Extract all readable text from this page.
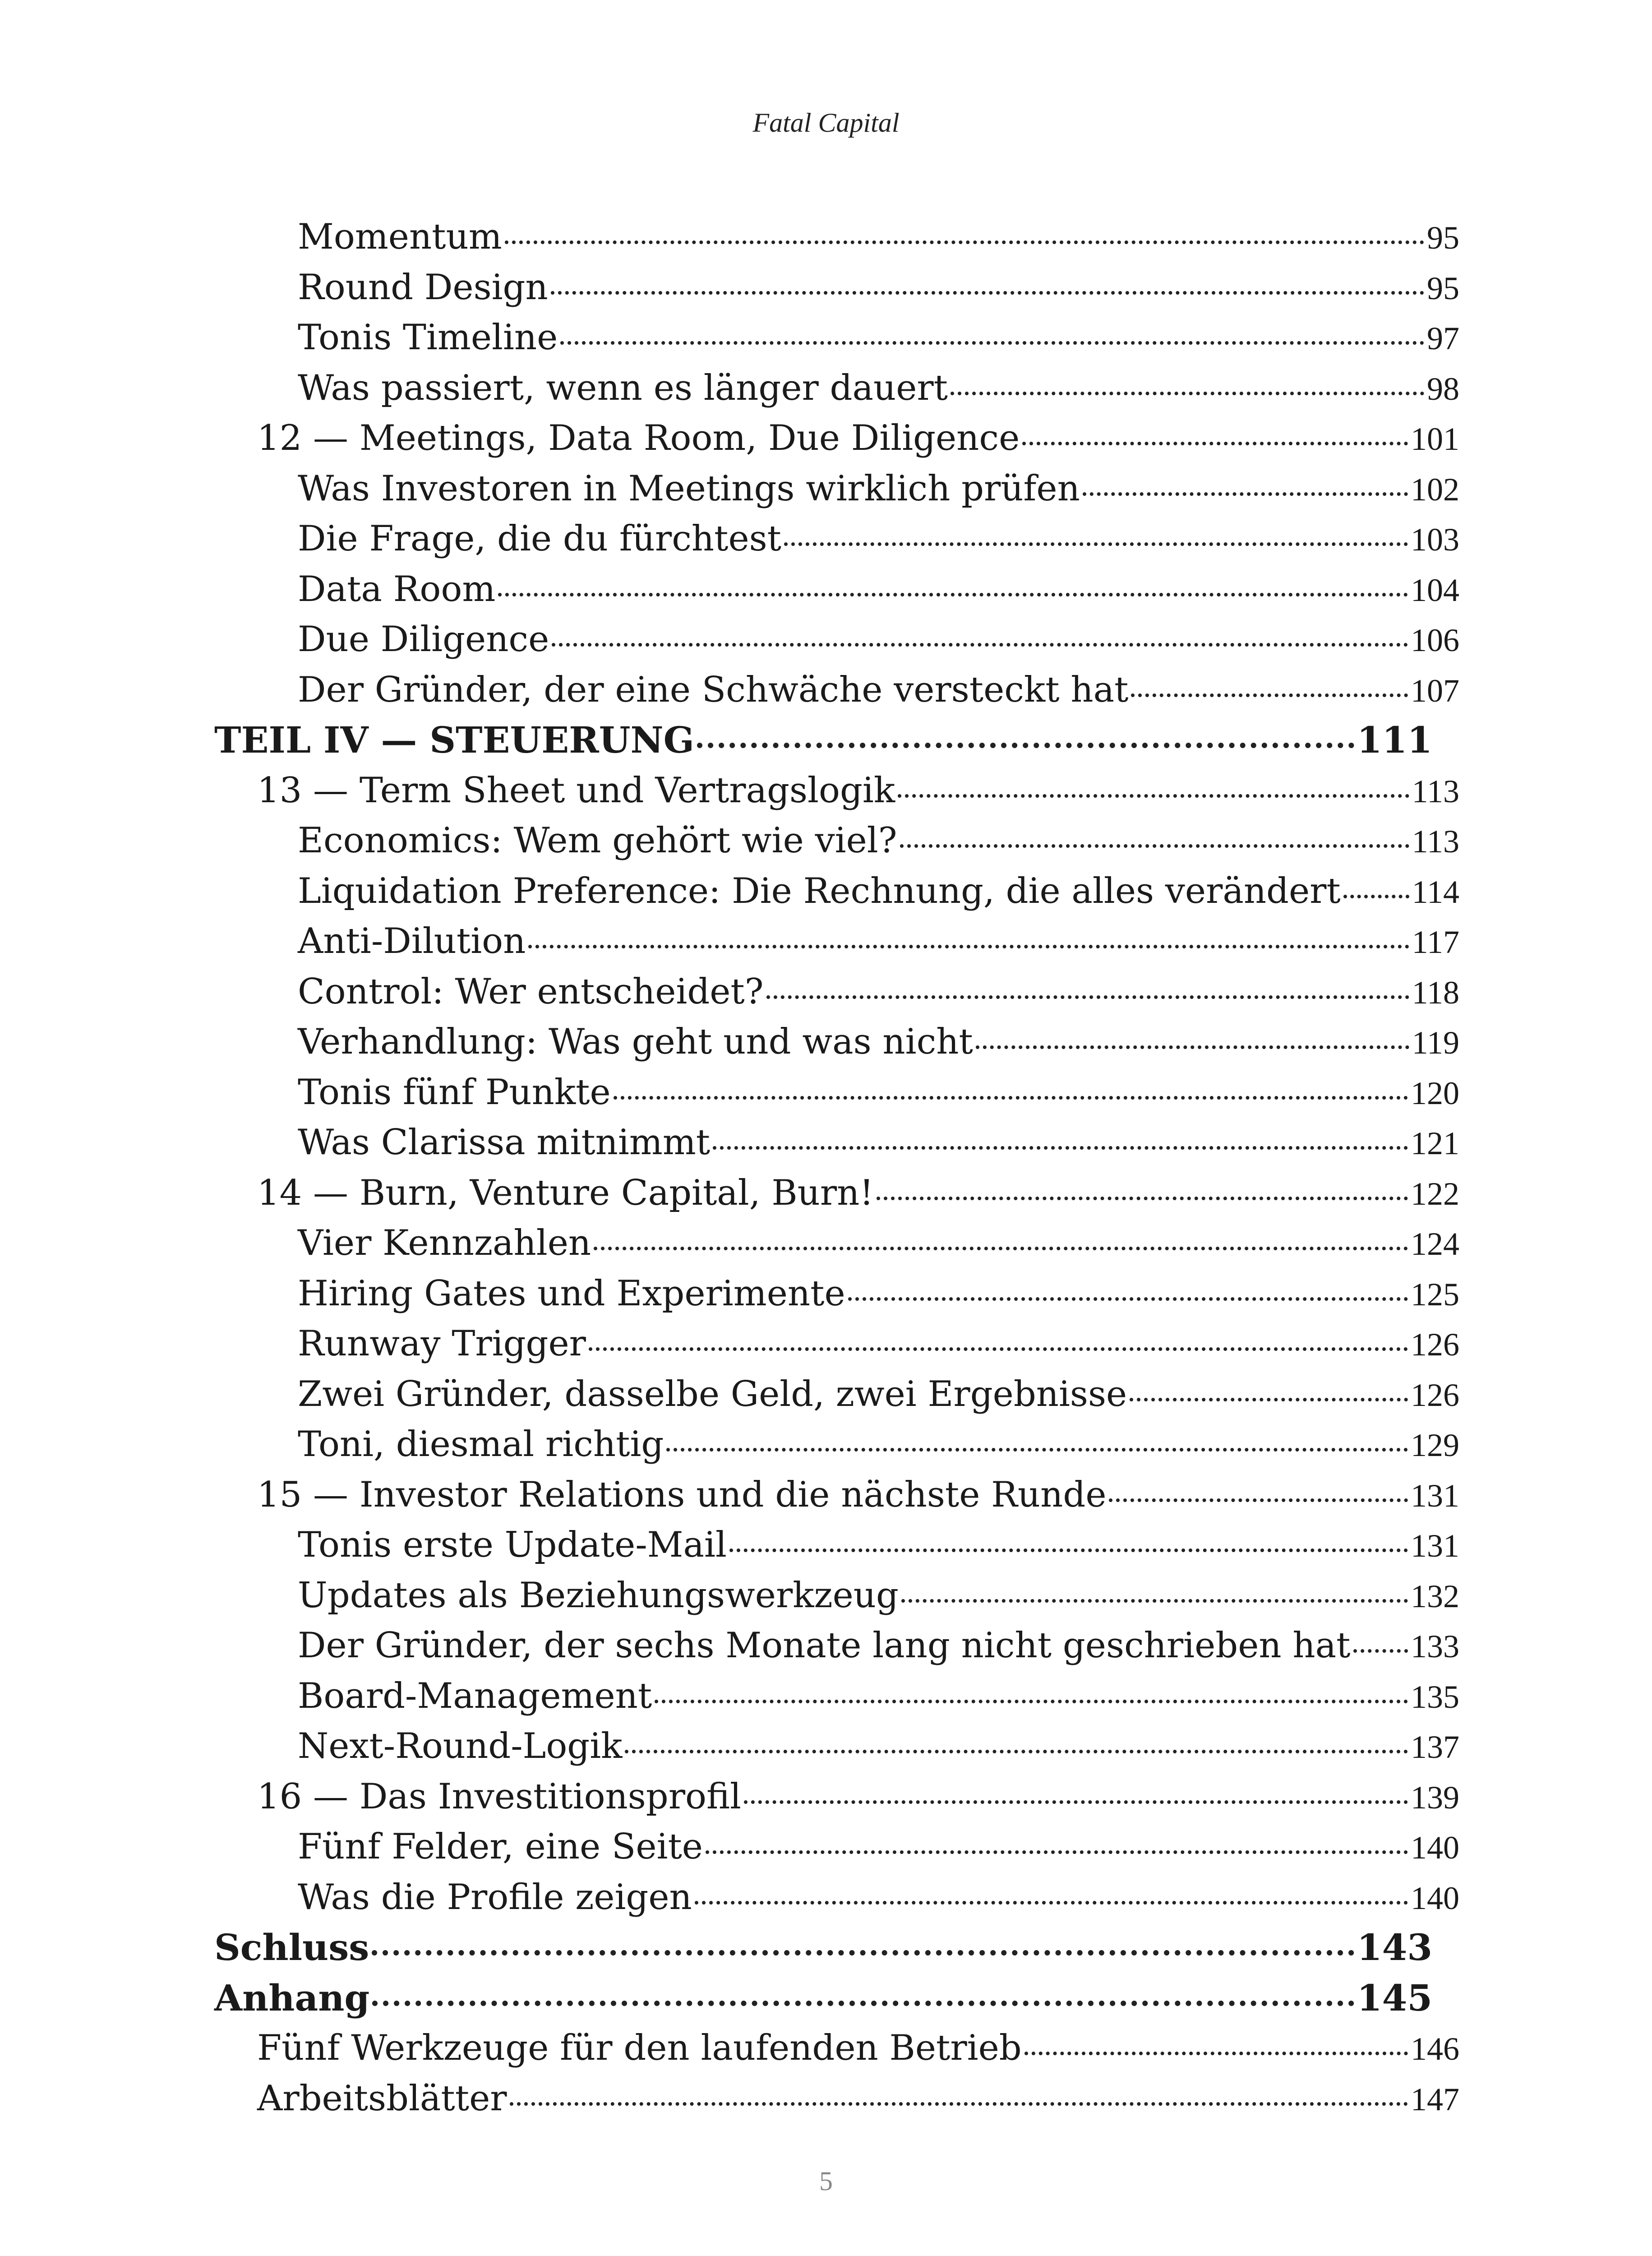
Fatal Capital
Momentum	95
Round Design	95
Tonis Timeline	97
Was passiert, wenn es länger dauert	98
12 — Meetings, Data Room, Due Diligence	101
Was Investoren in Meetings wirklich prüfen	102
Die Frage, die du fürchtest	103
Data Room	104
Due Diligence	106
Der Gründer, der eine Schwäche versteckt hat	107
TEIL IV — STEUERUNG	111
13 — Term Sheet und Vertragslogik	113
Economics: Wem gehört wie viel?	113
Liquidation Preference: Die Rechnung, die alles verändert 114
Anti-Dilution	117
Control: Wer entscheidet?	118
Verhandlung: Was geht und was nicht	119
Tonis fünf Punkte	120
Was Clarissa mitnimmt	121
14 — Burn, Venture Capital, Burn!	122
Vier Kennzahlen	124
Hiring Gates und Experimente	125
Runway Trigger	126
Zwei Gründer, dasselbe Geld, zwei Ergebnisse	126
Toni, diesmal richtig	129
15 — Investor Relations und die nächste Runde	131
Tonis erste Update-Mail	131
Updates als Beziehungswerkzeug	132
Der Gründer, der sechs Monate lang nicht geschrieben hat 133
Board-Management	135
Next-Round-Logik	137
16 — Das Investitionsprofil	139
Fünf Felder, eine Seite	140
Was die Profile zeigen	140
Schluss	143
Anhang	145
Fünf Werkzeuge für den laufenden Betrieb	146
Arbeitsblätter	147
5
